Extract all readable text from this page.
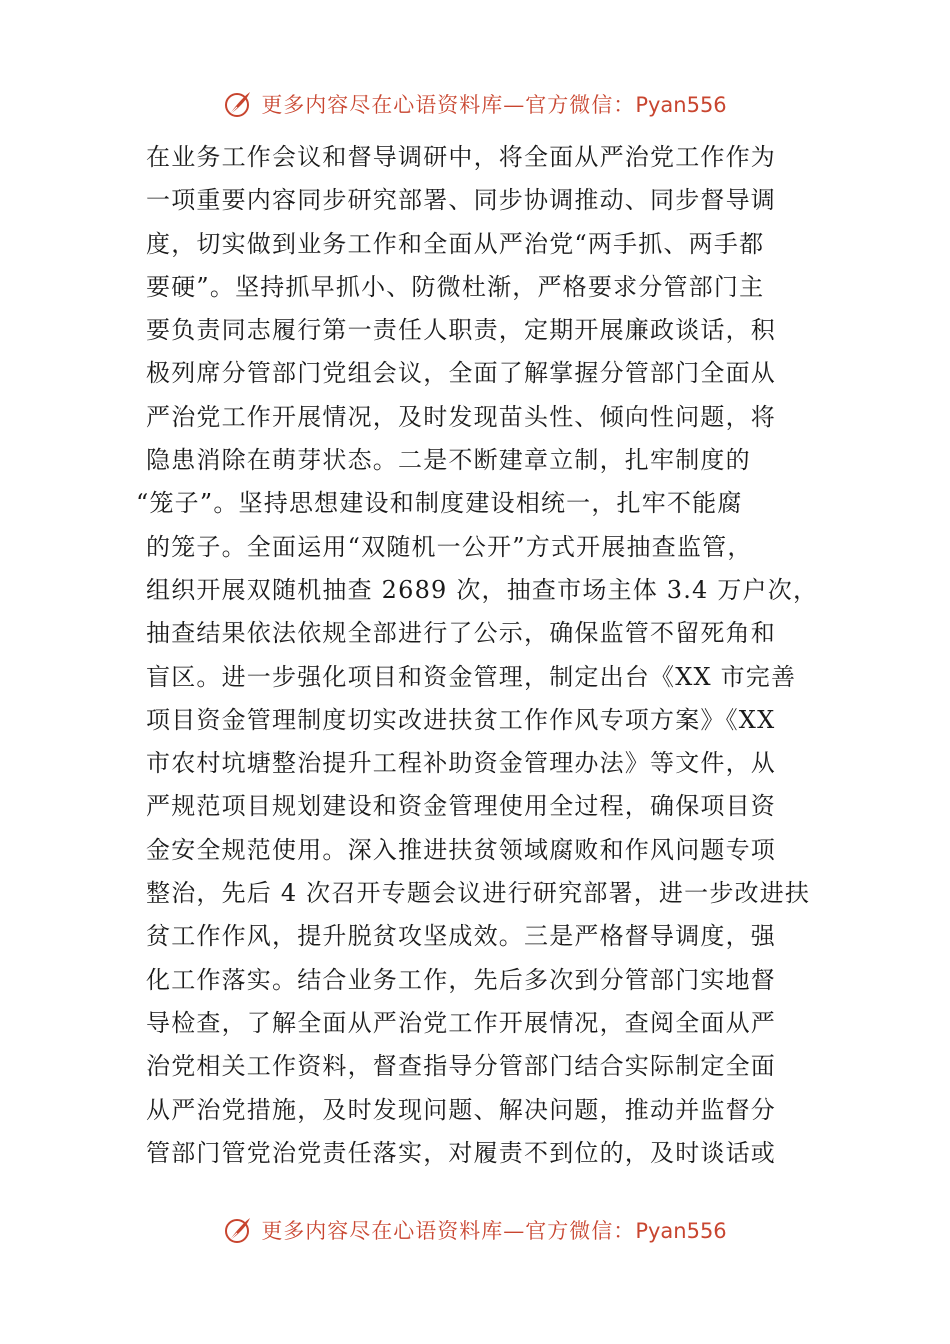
更多内容尽在心语资料库—官方微信：Pyan556
在业务工作会议和督导调研中，将全面从严治党工作作为
一项重要内容同步研究部署、同步协调推动、同步督导调
度，切实做到业务工作和全面从严治党“两手抓、两手都
要硬”。坚持抓早抓小、防微杜渐，严格要求分管部门主
要负责同志履行第一责任人职责，定期开展廉政谈话，积
极列席分管部门党组会议，全面了解掌握分管部门全面从
严治党工作开展情况，及时发现苗头性、倾向性问题，将
隐患消除在萌芽状态。二是不断建章立制，扎牢制度的
“笼子”。坚持思想建设和制度建设相统一，扎牢不能腐
的笼子。全面运用“双随机一公开”方式开展抽查监管，
组织开展双随机抽查 2689 次，抽查市场主体 3.4 万户次，
抽查结果依法依规全部进行了公示，确保监管不留死角和
盲区。进一步强化项目和资金管理，制定出台《XX 市完善
项目资金管理制度切实改进扶贫工作作风专项方案》《XX
市农村坑塘整治提升工程补助资金管理办法》等文件，从
严规范项目规划建设和资金管理使用全过程，确保项目资
金安全规范使用。深入推进扶贫领域腐败和作风问题专项
整治，先后 4 次召开专题会议进行研究部署，进一步改进扶
贫工作作风，提升脱贫攻坚成效。三是严格督导调度，强
化工作落实。结合业务工作，先后多次到分管部门实地督
导检查，了解全面从严治党工作开展情况，查阅全面从严
治党相关工作资料，督查指导分管部门结合实际制定全面
从严治党措施，及时发现问题、解决问题，推动并监督分
管部门管党治党责任落实，对履责不到位的，及时谈话或
更多内容尽在心语资料库—官方微信：Pyan556
